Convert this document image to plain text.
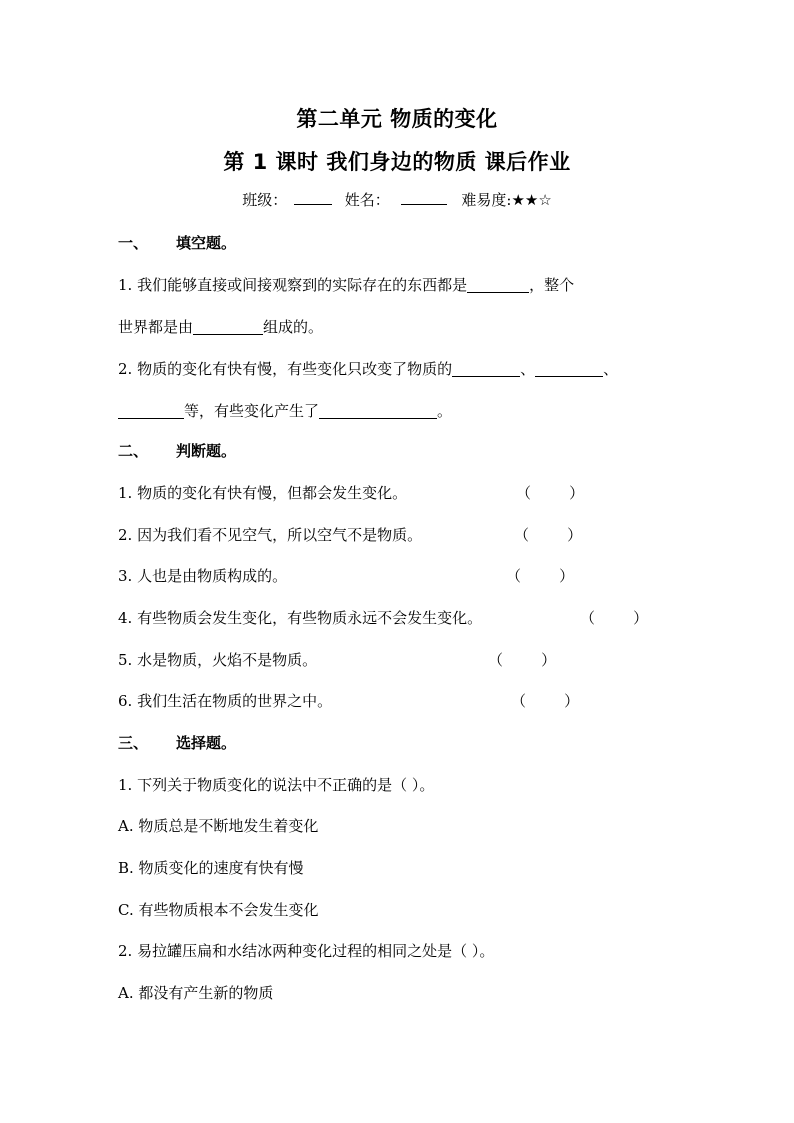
第二单元 物质的变化
第 1 课时 我们身边的物质 课后作业
班级：	姓名：	难易度:★★☆
一、 填空题。
1. 我们能够直接或间接观察到的实际存在的东西都是	，整个
世界都是由	组成的。
2. 物质的变化有快有慢，有些变化只改变了物质的	、	、
等，有些变化产生了	。
二、 判断题。
1. 物质的变化有快有慢，但都会发生变化。	（        ）
2. 因为我们看不见空气，所以空气不是物质。	（        ）
3. 人也是由物质构成的。	（        ）
4. 有些物质会发生变化，有些物质永远不会发生变化。	（        ）
5. 水是物质，火焰不是物质。	（        ）
6. 我们生活在物质的世界之中。	（        ）
三、 选择题。
1. 下列关于物质变化的说法中不正确的是（ ）。
A. 物质总是不断地发生着变化
B. 物质变化的速度有快有慢
C. 有些物质根本不会发生变化
2. 易拉罐压扁和水结冰两种变化过程的相同之处是（ ）。
A. 都没有产生新的物质
